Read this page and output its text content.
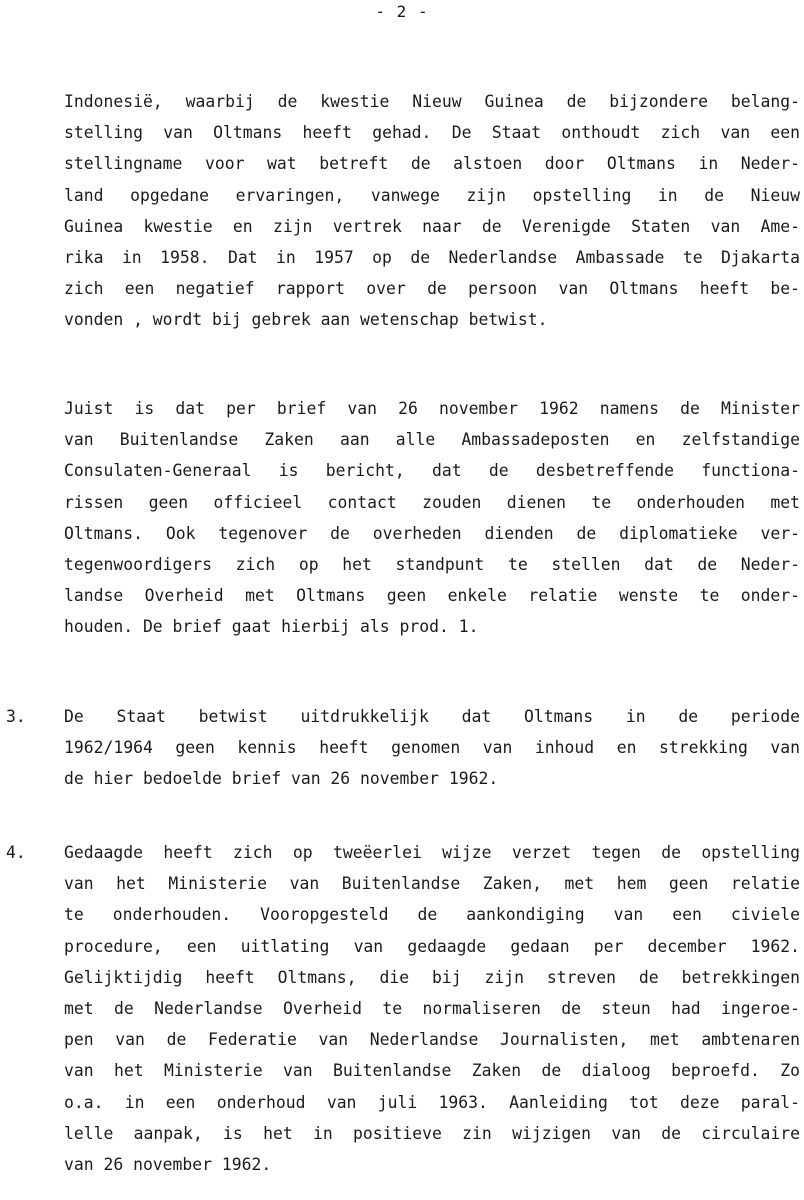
- 2 -
Indonesië, waarbij de kwestie Nieuw Guinea de bijzondere belang-
stelling van Oltmans heeft gehad. De Staat onthoudt zich van een
stellingname voor wat betreft de alstoen door Oltmans in Neder-
land opgedane ervaringen, vanwege zijn opstelling in de Nieuw
Guinea kwestie en zijn vertrek naar de Verenigde Staten van Ame-
rika in 1958. Dat in 1957 op de Nederlandse Ambassade te Djakarta
zich een negatief rapport over de persoon van Oltmans heeft be-
vonden , wordt bij gebrek aan wetenschap betwist.
Juist is dat per brief van 26 november 1962 namens de Minister
van Buitenlandse Zaken aan alle Ambassadeposten en zelfstandige
Consulaten-Generaal is bericht, dat de desbetreffende functiona-
rissen geen officieel contact zouden dienen te onderhouden met
Oltmans. Ook tegenover de overheden dienden de diplomatieke ver-
tegenwoordigers zich op het standpunt te stellen dat de Neder-
landse Overheid met Oltmans geen enkele relatie wenste te onder-
houden. De brief gaat hierbij als prod. 1.
3. De Staat betwist uitdrukkelijk dat Oltmans in de periode
1962/1964 geen kennis heeft genomen van inhoud en strekking van
de hier bedoelde brief van 26 november 1962.
4. Gedaagde heeft zich op tweëerlei wijze verzet tegen de opstelling
van het Ministerie van Buitenlandse Zaken, met hem geen relatie
te onderhouden. Vooropgesteld de aankondiging van een civiele
procedure, een uitlating van gedaagde gedaan per december 1962.
Gelijktijdig heeft Oltmans, die bij zijn streven de betrekkingen
met de Nederlandse Overheid te normaliseren de steun had ingeroe-
pen van de Federatie van Nederlandse Journalisten, met ambtenaren
van het Ministerie van Buitenlandse Zaken de dialoog beproefd. Zo
o.a. in een onderhoud van juli 1963. Aanleiding tot deze paral-
lelle aanpak, is het in positieve zin wijzigen van de circulaire
van 26 november 1962.
